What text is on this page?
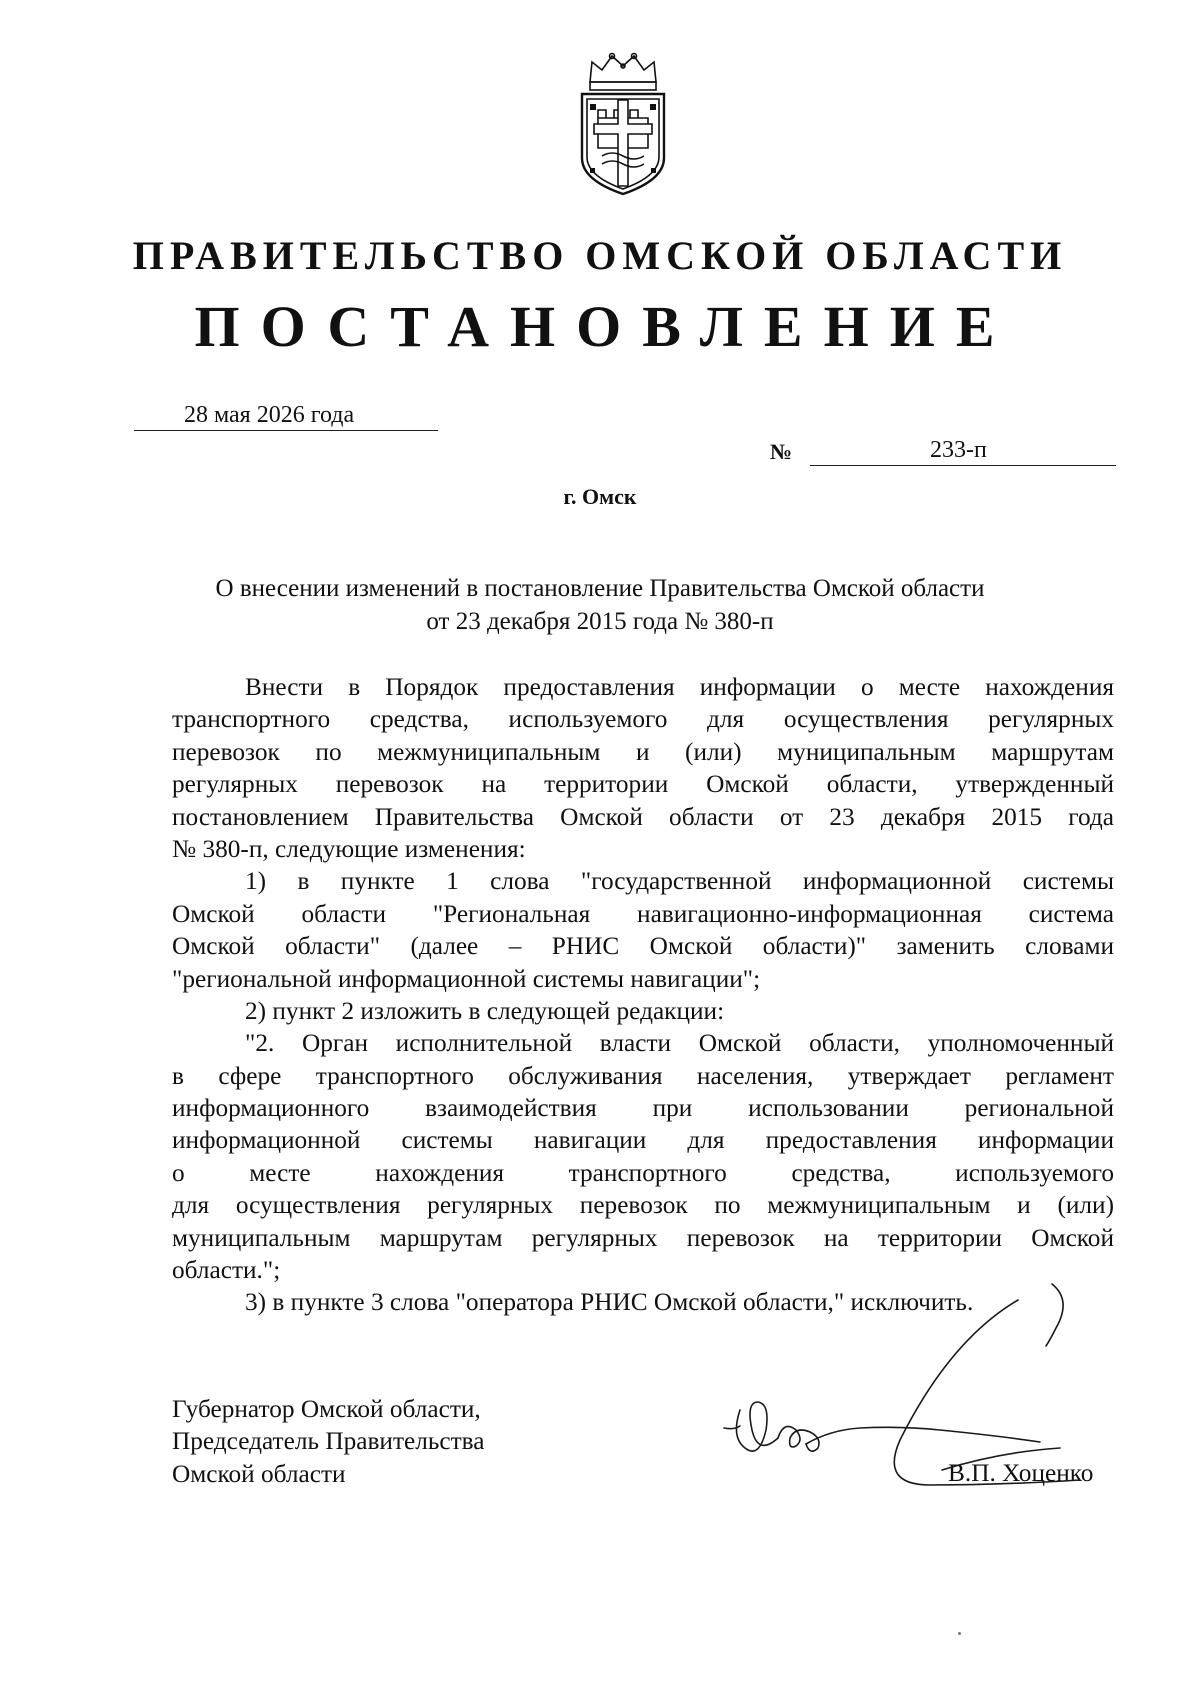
ПРАВИТЕЛЬСТВО ОМСКОЙ ОБЛАСТИ
ПОСТАНОВЛЕНИЕ
28 мая 2026 года
№	233-п
г. Омск
О внесении изменений в постановление Правительства Омской области
от 23 декабря 2015 года № 380-п
Внести в Порядок предоставления информации о месте нахождения
транспортного средства, используемого для осуществления регулярных
перевозок по межмуниципальным и (или) муниципальным маршрутам
регулярных перевозок на территории Омской области, утвержденный
постановлением Правительства Омской области от 23 декабря 2015 года
№ 380-п, следующие изменения:
1) в пункте 1 слова "государственной информационной системы
Омской области "Региональная навигационно-информационная система
Омской области" (далее – РНИС Омской области)" заменить словами
"региональной информационной системы навигации";
2) пункт 2 изложить в следующей редакции:
"2. Орган исполнительной власти Омской области, уполномоченный
в сфере транспортного обслуживания населения, утверждает регламент
информационного взаимодействия при использовании региональной
информационной системы навигации для предоставления информации
о месте нахождения транспортного средства, используемого
для осуществления регулярных перевозок по межмуниципальным и (или)
муниципальным маршрутам регулярных перевозок на территории Омской
области.";
3) в пункте 3 слова "оператора РНИС Омской области," исключить.
Губернатор Омской области,
Председатель Правительства
Омской области	В.П. Хоценко
